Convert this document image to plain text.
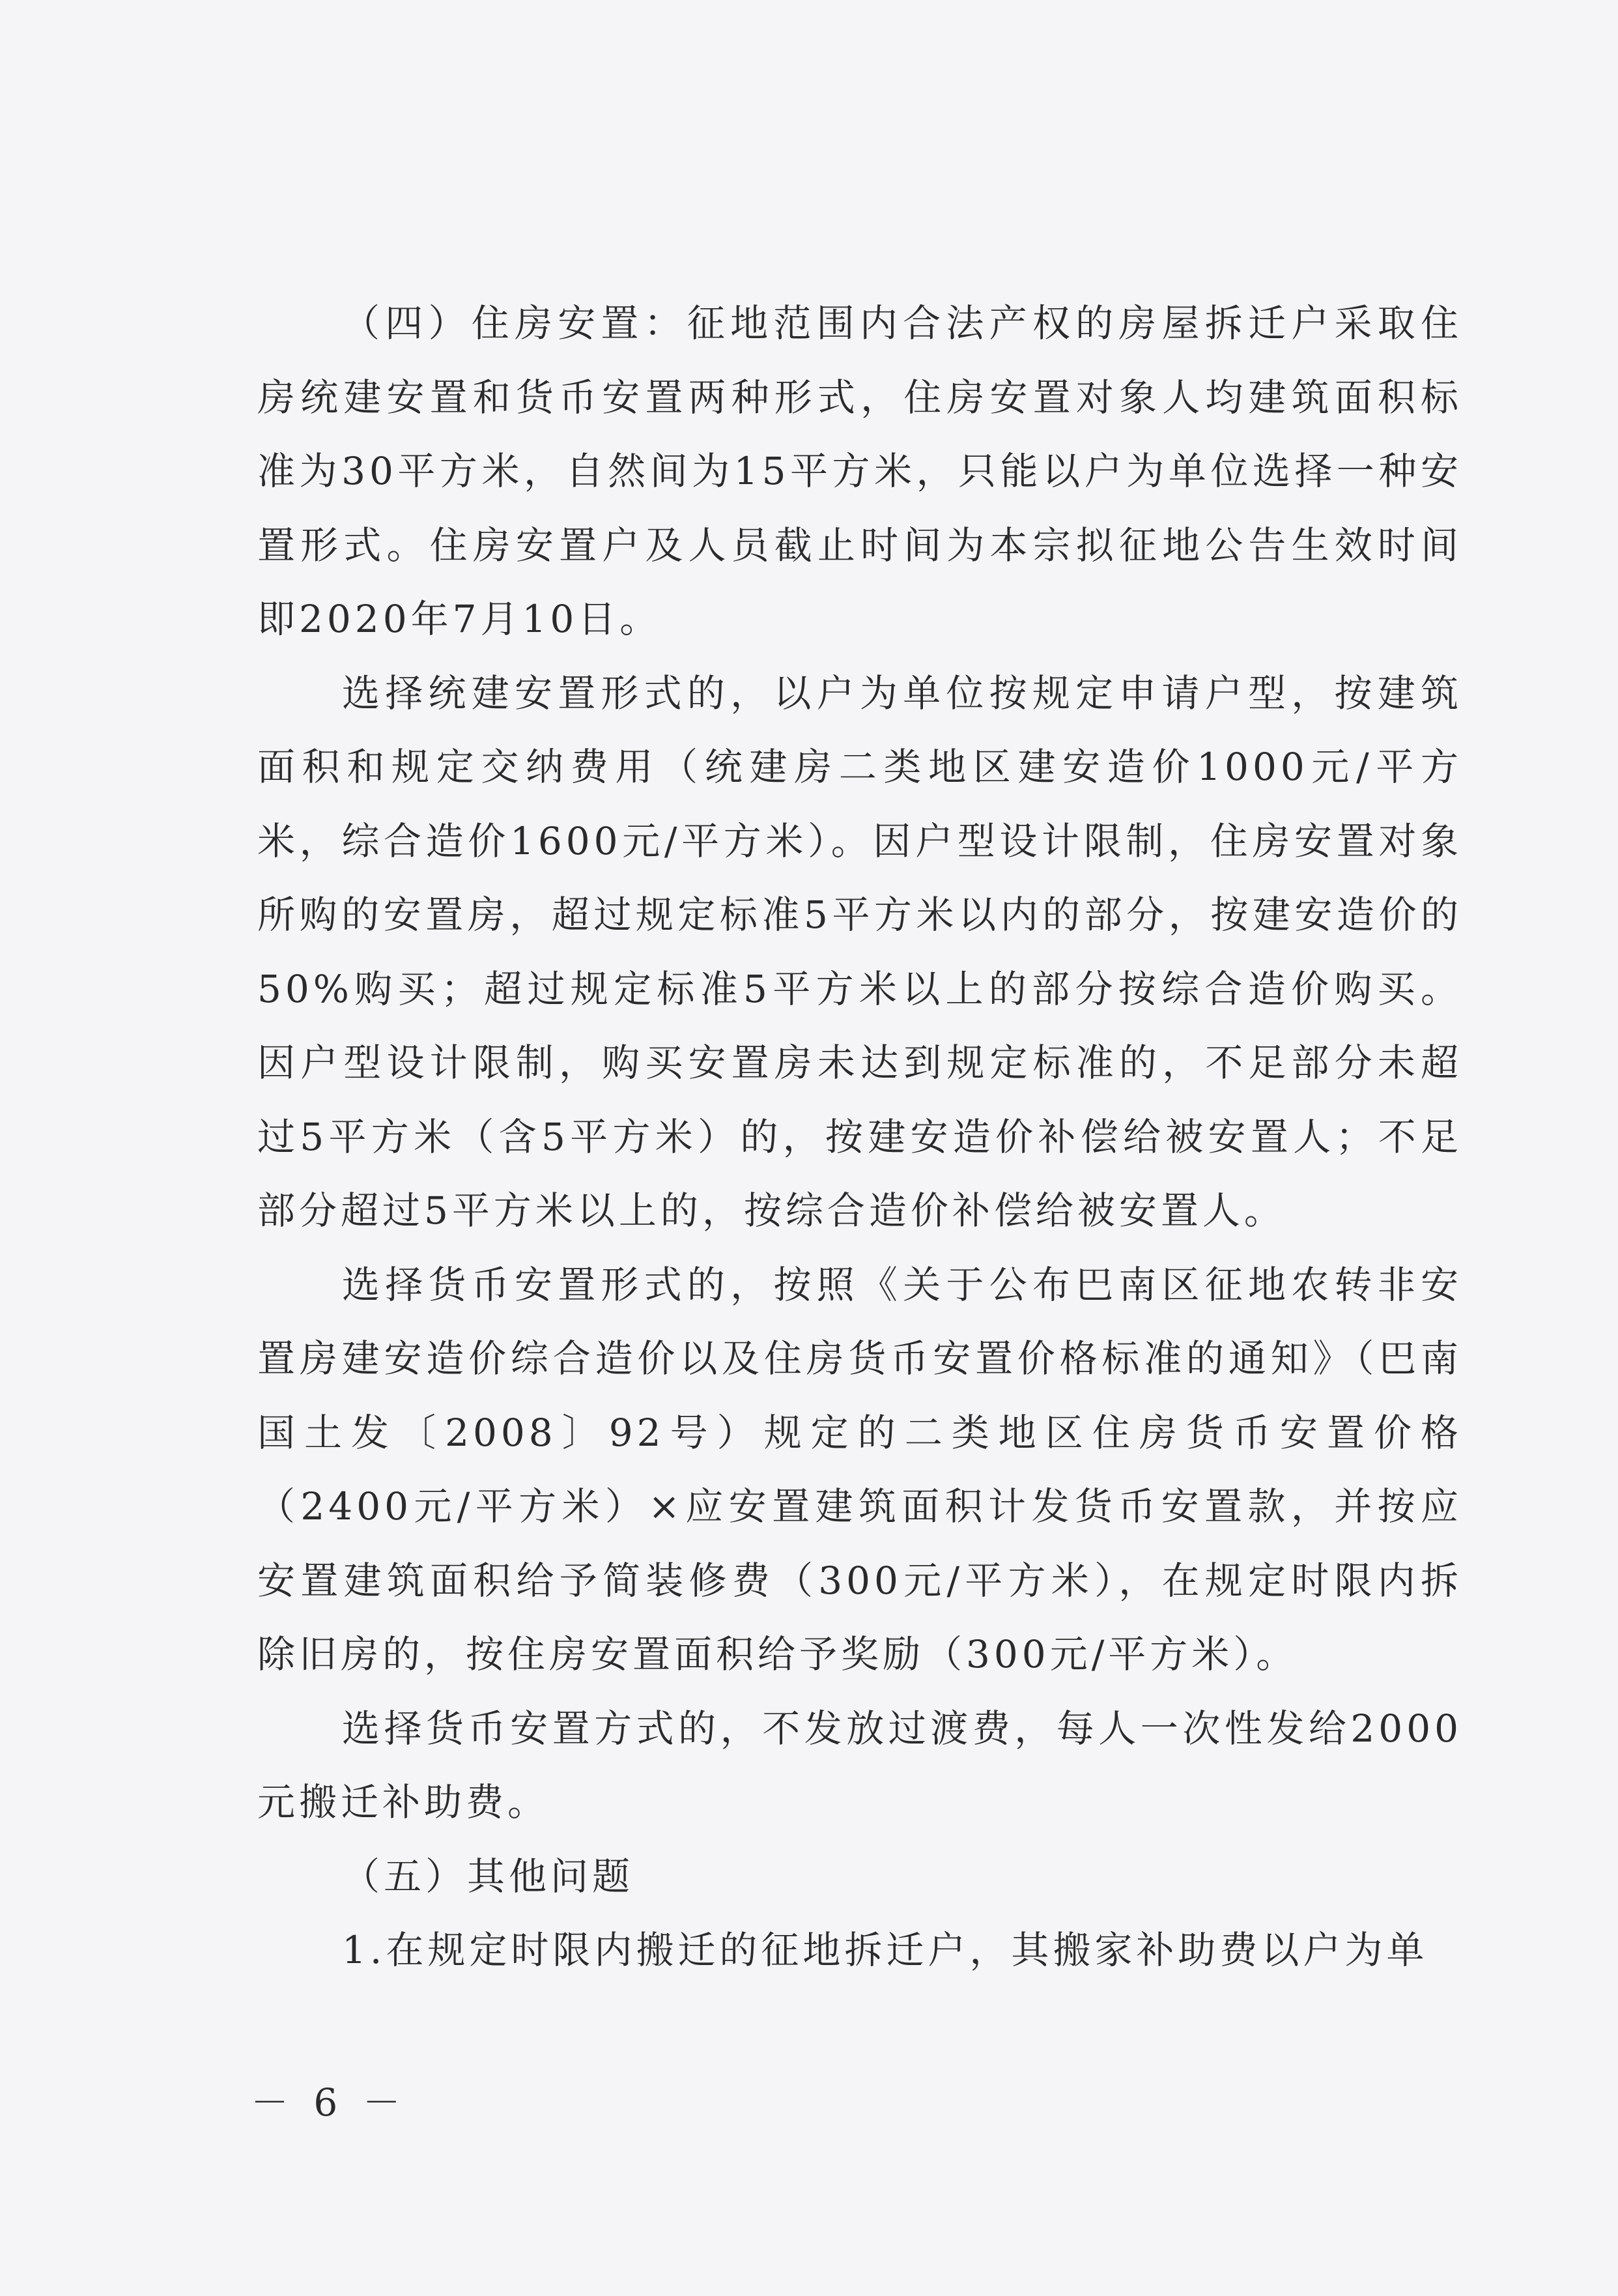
（四）住房安置：征地范围内合法产权的房屋拆迁户采取住房统建安置和货币安置两种形式，住房安置对象人均建筑面积标准为30平方米，自然间为15平方米，只能以户为单位选择一种安置形式。住房安置户及人员截止时间为本宗拟征地公告生效时间即2020年7月10日。

选择统建安置形式的，以户为单位按规定申请户型，按建筑面积和规定交纳费用（统建房二类地区建安造价1000元/平方米，综合造价1600元/平方米）。因户型设计限制，住房安置对象所购的安置房，超过规定标准5平方米以内的部分，按建安造价的50%购买；超过规定标准5平方米以上的部分按综合造价购买。因户型设计限制，购买安置房未达到规定标准的，不足部分未超过5平方米（含5平方米）的，按建安造价补偿给被安置人；不足部分超过5平方米以上的，按综合造价补偿给被安置人。

选择货币安置形式的，按照《关于公布巴南区征地农转非安置房建安造价综合造价以及住房货币安置价格标准的通知》（巴南国土发〔2008〕92号）规定的二类地区住房货币安置价格（2400元/平方米）×应安置建筑面积计发货币安置款，并按应安置建筑面积给予简装修费（300元/平方米），在规定时限内拆除旧房的，按住房安置面积给予奖励（300元/平方米）。

选择货币安置方式的，不发放过渡费，每人一次性发给2000元搬迁补助费。

（五）其他问题

1.在规定时限内搬迁的征地拆迁户，其搬家补助费以户为单

－ 6 －
